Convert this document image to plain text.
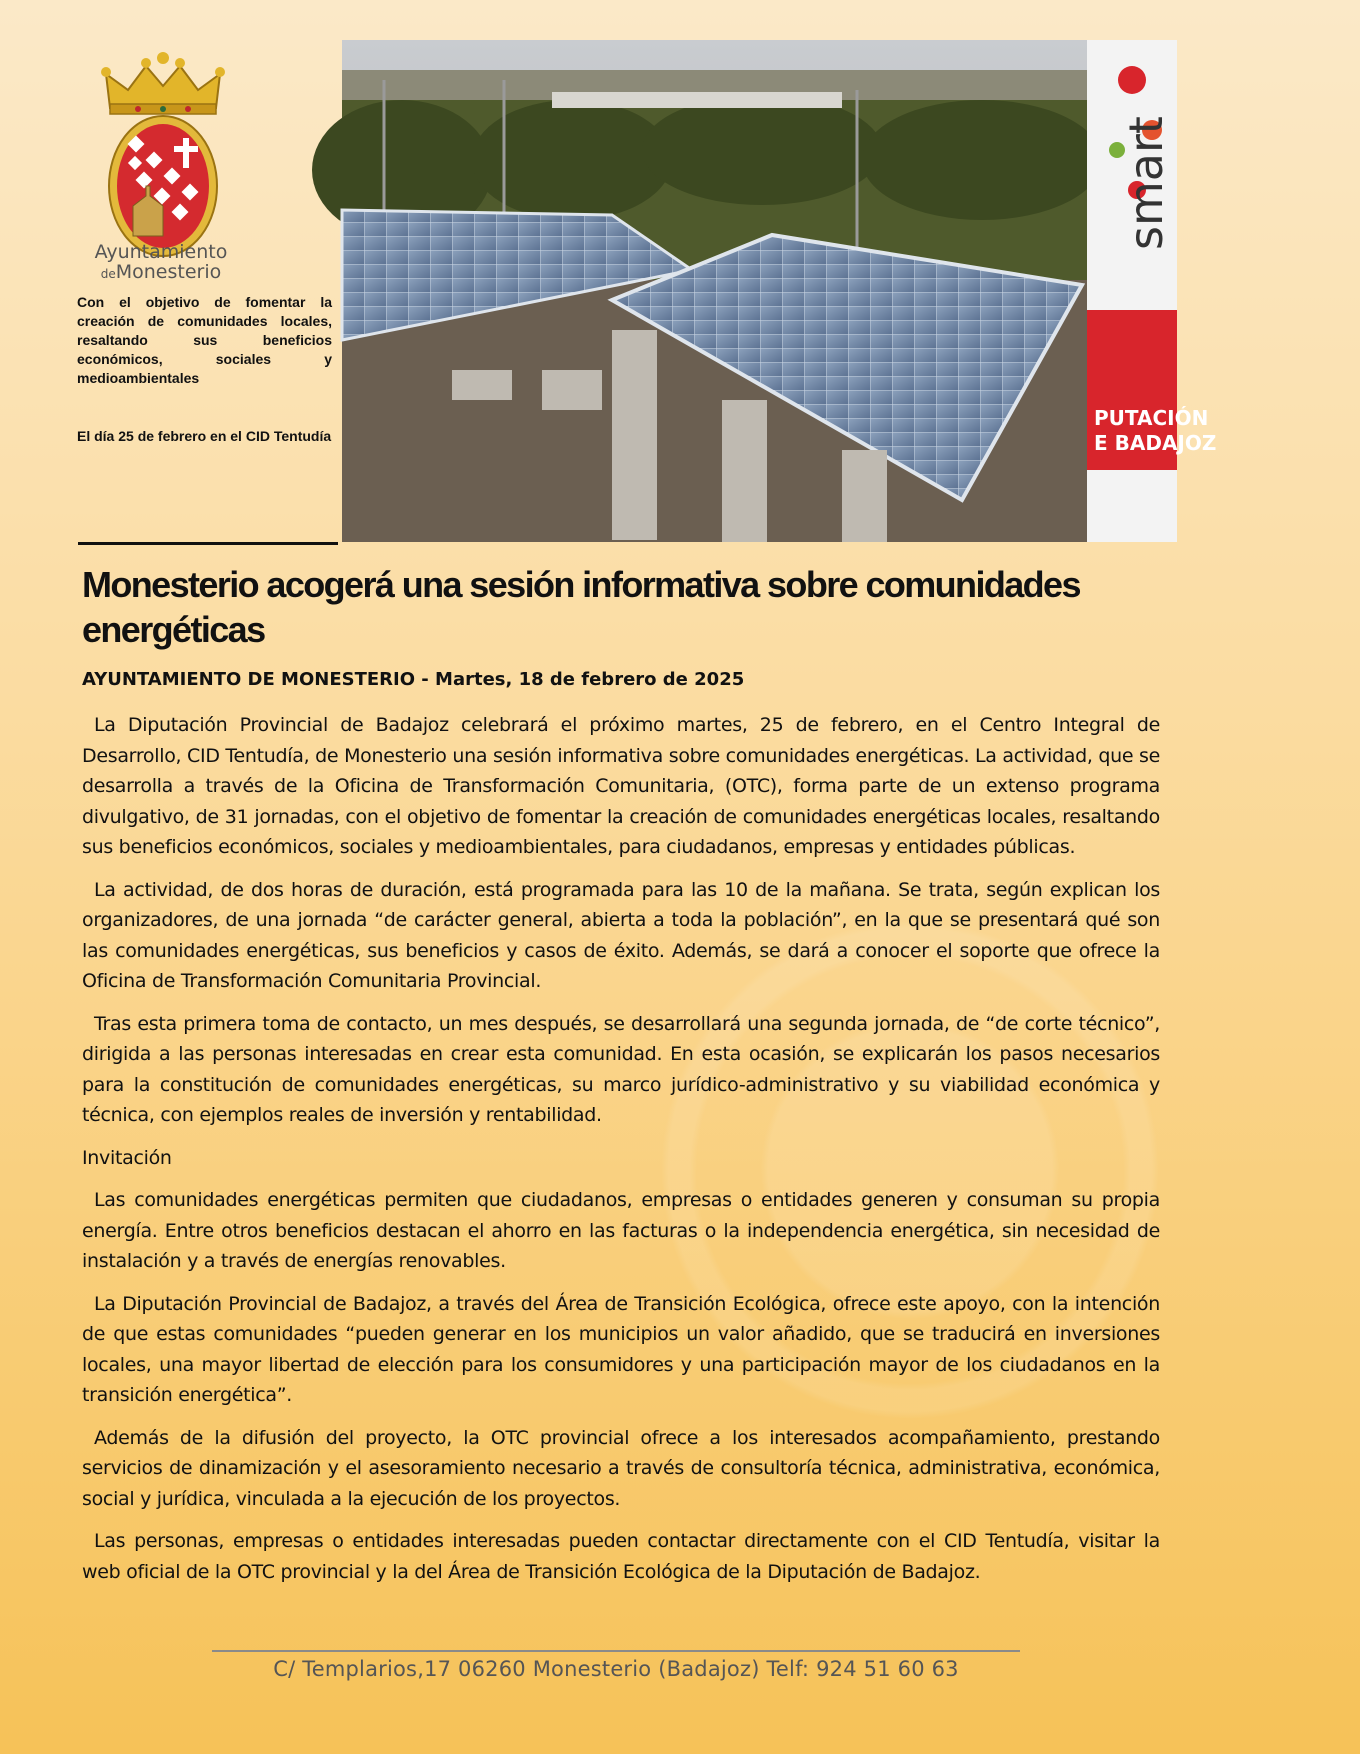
Ayuntamiento
deMonesterio
Con el objetivo de fomentar la creación de comunidades locales, resaltando sus beneficios económicos, sociales y medioambientales
El día 25 de febrero en el CID Tentudía
smart
PUTACIÓN
E BADAJOZ
Monesterio acogerá una sesión informativa sobre comunidades energéticas
AYUNTAMIENTO DE MONESTERIO - Martes, 18 de febrero de 2025

La Diputación Provincial de Badajoz celebrará el próximo martes, 25 de febrero, en el Centro Integral de Desarrollo, CID Tentudía, de Monesterio una sesión informativa sobre comunidades energéticas. La actividad, que se desarrolla a través de la Oficina de Transformación Comunitaria, (OTC), forma parte de un extenso programa divulgativo, de 31 jornadas, con el objetivo de fomentar la creación de comunidades energéticas locales, resaltando sus beneficios económicos, sociales y medioambientales, para ciudadanos, empresas y entidades públicas.

La actividad, de dos horas de duración, está programada para las 10 de la mañana. Se trata, según explican los organizadores, de una jornada “de carácter general, abierta a toda la población”, en la que se presentará qué son las comunidades energéticas, sus beneficios y casos de éxito. Además, se dará a conocer el soporte que ofrece la Oficina de Transformación Comunitaria Provincial.

Tras esta primera toma de contacto, un mes después, se desarrollará una segunda jornada, de “de corte técnico”, dirigida a las personas interesadas en crear esta comunidad. En esta ocasión, se explicarán los pasos necesarios para la constitución de comunidades energéticas, su marco jurídico-administrativo y su viabilidad económica y técnica, con ejemplos reales de inversión y rentabilidad.

Invitación

Las comunidades energéticas permiten que ciudadanos, empresas o entidades generen y consuman su propia energía. Entre otros beneficios destacan el ahorro en las facturas o la independencia energética, sin necesidad de instalación y a través de energías renovables.

La Diputación Provincial de Badajoz, a través del Área de Transición Ecológica, ofrece este apoyo, con la intención de que estas comunidades “pueden generar en los municipios un valor añadido, que se traducirá en inversiones locales, una mayor libertad de elección para los consumidores y una participación mayor de los ciudadanos en la transición energética”.

Además de la difusión del proyecto, la OTC provincial ofrece a los interesados acompañamiento, prestando servicios de dinamización y el asesoramiento necesario a través de consultoría técnica, administrativa, económica, social y jurídica, vinculada a la ejecución de los proyectos.

Las personas, empresas o entidades interesadas pueden contactar directamente con el CID Tentudía, visitar la web oficial de la OTC provincial y la del Área de Transición Ecológica de la Diputación de Badajoz.

C/ Templarios,17 06260 Monesterio (Badajoz) Telf: 924 51 60 63
